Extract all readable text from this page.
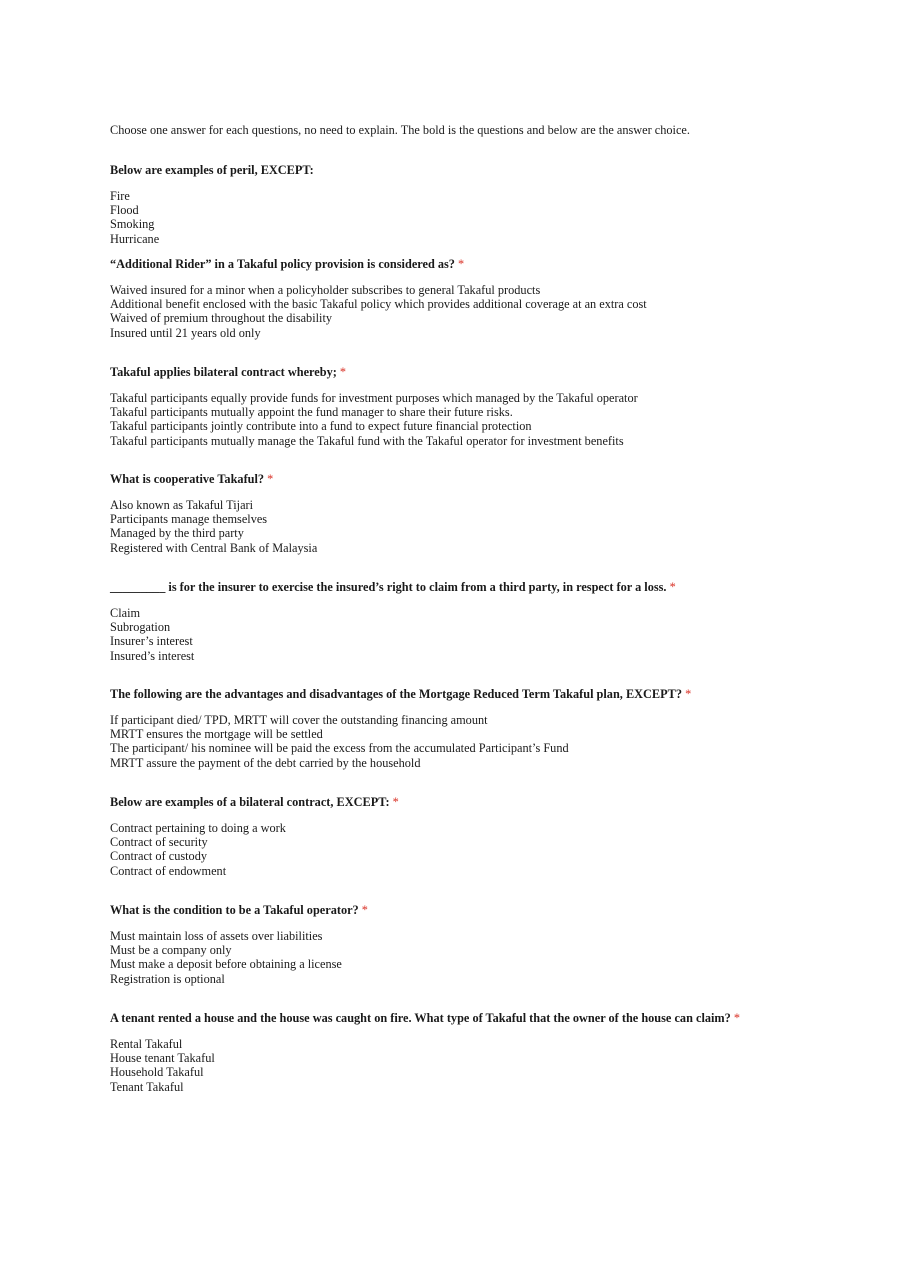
Choose one answer for each questions, no need to explain. The bold is the questions and below are the answer choice.
Below are examples of peril, EXCEPT:
Fire
Flood
Smoking
Hurricane
“Additional Rider” in a Takaful policy provision is considered as? *
Waived insured for a minor when a policyholder subscribes to general Takaful products
Additional benefit enclosed with the basic Takaful policy which provides additional coverage at an extra cost
Waived of premium throughout the disability
Insured until 21 years old only
Takaful applies bilateral contract whereby; *
Takaful participants equally provide funds for investment purposes which managed by the Takaful operator
Takaful participants mutually appoint the fund manager to share their future risks.
Takaful participants jointly contribute into a fund to expect future financial protection
Takaful participants mutually manage the Takaful fund with the Takaful operator for investment benefits
What is cooperative Takaful? *
Also known as Takaful Tijari
Participants manage themselves
Managed by the third party
Registered with Central Bank of Malaysia
_________ is for the insurer to exercise the insured’s right to claim from a third party, in respect for a loss. *
Claim
Subrogation
Insurer’s interest
Insured’s interest
The following are the advantages and disadvantages of the Mortgage Reduced Term Takaful plan, EXCEPT? *
If participant died/ TPD, MRTT will cover the outstanding financing amount
MRTT ensures the mortgage will be settled
The participant/ his nominee will be paid the excess from the accumulated Participant’s Fund
MRTT assure the payment of the debt carried by the household
Below are examples of a bilateral contract, EXCEPT: *
Contract pertaining to doing a work
Contract of security
Contract of custody
Contract of endowment
What is the condition to be a Takaful operator? *
Must maintain loss of assets over liabilities
Must be a company only
Must make a deposit before obtaining a license
Registration is optional
A tenant rented a house and the house was caught on fire. What type of Takaful that the owner of the house can claim? *
Rental Takaful
House tenant Takaful
Household Takaful
Tenant Takaful
